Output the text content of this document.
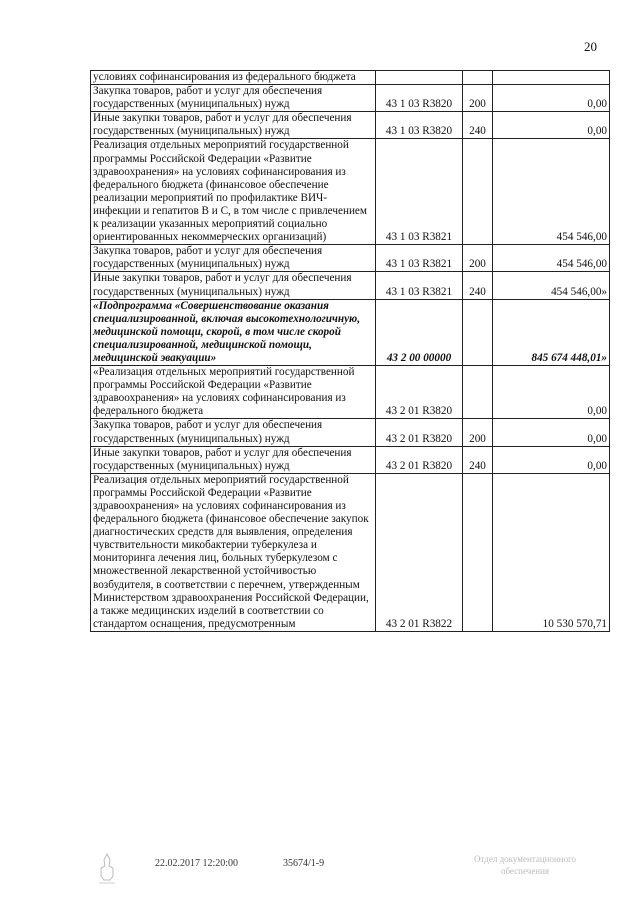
20
условиях софинансирования из федерального бюджета			
Закупка товаров, работ и услуг для обеспечения государственных (муниципальных) нужд	43 1 03 R3820	200	0,00
Иные закупки товаров, работ и услуг для обеспечения государственных (муниципальных) нужд	43 1 03 R3820	240	0,00
Реализация отдельных мероприятий государственной программы Российской Федерации «Развитие здравоохранения» на условиях софинансирования из федерального бюджета (финансовое обеспечение реализации мероприятий по профилактике ВИЧ-инфекции и гепатитов В и С, в том числе с привлечением к реализации указанных мероприятий социально ориентированных некоммерческих организаций)	43 1 03 R3821		454 546,00
Закупка товаров, работ и услуг для обеспечения государственных (муниципальных) нужд	43 1 03 R3821	200	454 546,00
Иные закупки товаров, работ и услуг для обеспечения государственных (муниципальных) нужд	43 1 03 R3821	240	454 546,00»
«Подпрограмма «Совершенствование оказания специализированной, включая высокотехнологичную, медицинской помощи, скорой, в том числе скорой специализированной, медицинской помощи, медицинской эвакуации»	43 2 00 00000		845 674 448,01»
«Реализация отдельных мероприятий государственной программы Российской Федерации «Развитие здравоохранения» на условиях софинансирования из федерального бюджета	43 2 01 R3820		0,00
Закупка товаров, работ и услуг для обеспечения государственных (муниципальных) нужд	43 2 01 R3820	200	0,00
Иные закупки товаров, работ и услуг для обеспечения государственных (муниципальных) нужд	43 2 01 R3820	240	0,00
Реализация отдельных мероприятий государственной программы Российской Федерации «Развитие здравоохранения» на условиях софинансирования из федерального бюджета (финансовое обеспечение закупок диагностических средств для выявления, определения чувствительности микобактерии туберкулеза и мониторинга лечения лиц, больных туберкулезом с множественной лекарственной устойчивостью возбудителя, в соответствии с перечнем, утвержденным Министерством здравоохранения Российской Федерации, а также медицинских изделий в соответствии со стандартом оснащения, предусмотренным	43 2 01 R3822		10 530 570,71
22.02.2017 12:20:00	35674/1-9	Отдел документационного обеспечения
